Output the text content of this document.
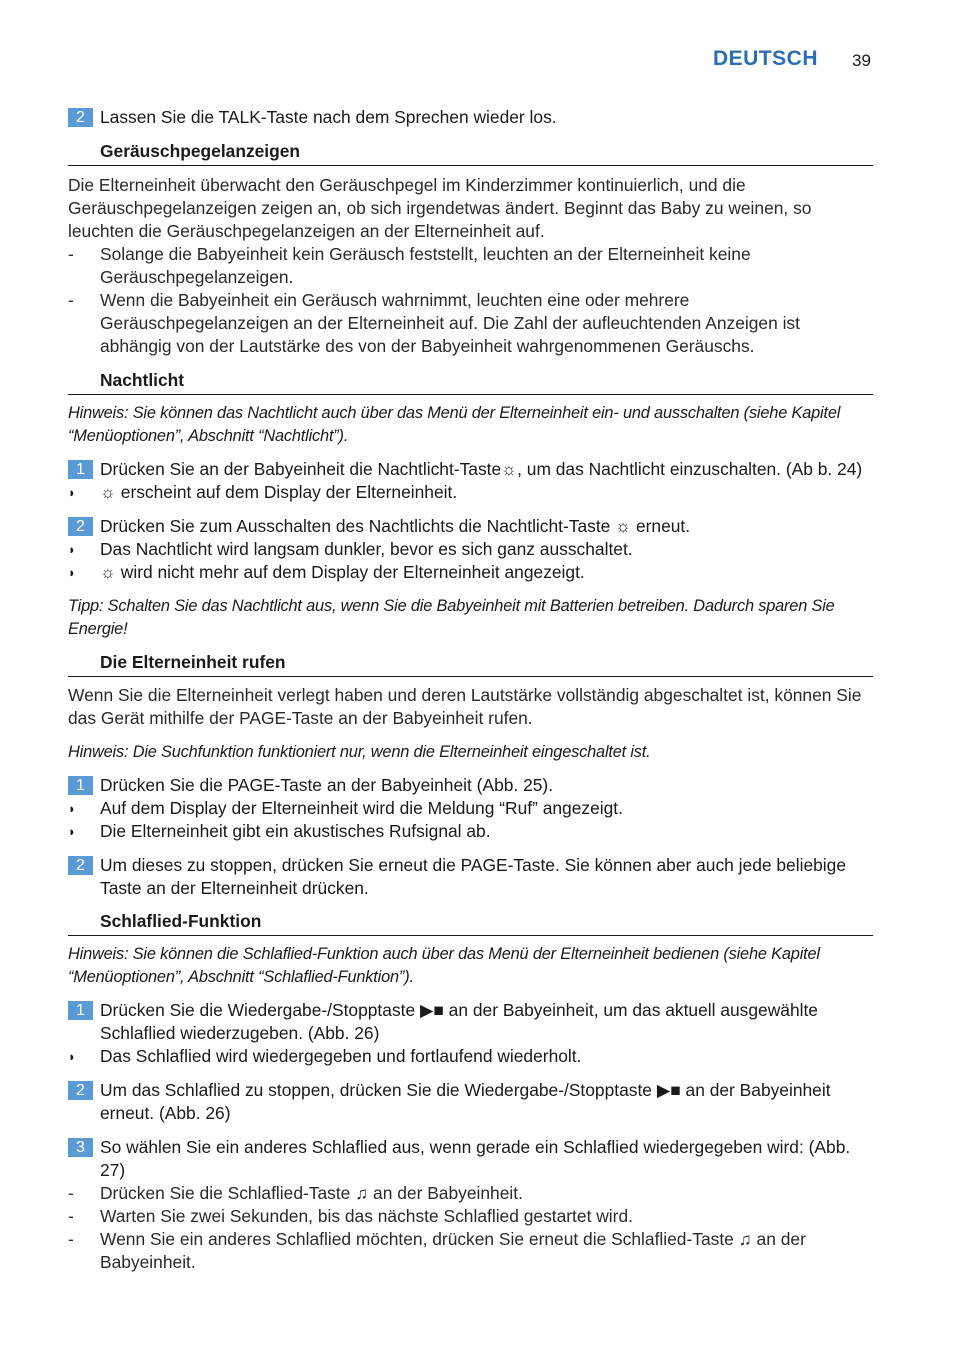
DEUTSCH 39
2 Lassen Sie die TALK-Taste nach dem Sprechen wieder los.
Geräuschpegelanzeigen
Die Elterneinheit überwacht den Geräuschpegel im Kinderzimmer kontinuierlich, und die Geräuschpegelanzeigen zeigen an, ob sich irgendetwas ändert. Beginnt das Baby zu weinen, so leuchten die Geräuschpegelanzeigen an der Elterneinheit auf.
- Solange die Babyeinheit kein Geräusch feststellt, leuchten an der Elterneinheit keine Geräuschpegelanzeigen.
- Wenn die Babyeinheit ein Geräusch wahrnimmt, leuchten eine oder mehrere Geräuschpegelanzeigen an der Elterneinheit auf. Die Zahl der aufleuchtenden Anzeigen ist abhängig von der Lautstärke des von der Babyeinheit wahrgenommenen Geräuschs.
Nachtlicht
Hinweis: Sie können das Nachtlicht auch über das Menü der Elterneinheit ein- und ausschalten (siehe Kapitel “Menüoptionen”, Abschnitt “Nachtlicht”).
1 Drücken Sie an der Babyeinheit die Nachtlicht-Taste☼, um das Nachtlicht einzuschalten. (Ab b. 24)
◗ ☼ erscheint auf dem Display der Elterneinheit.
2 Drücken Sie zum Ausschalten des Nachtlichts die Nachtlicht-Taste ☼ erneut.
◗ Das Nachtlicht wird langsam dunkler, bevor es sich ganz ausschaltet.
◗ ☼ wird nicht mehr auf dem Display der Elterneinheit angezeigt.
Tipp: Schalten Sie das Nachtlicht aus, wenn Sie die Babyeinheit mit Batterien betreiben. Dadurch sparen Sie Energie!
Die Elterneinheit rufen
Wenn Sie die Elterneinheit verlegt haben und deren Lautstärke vollständig abgeschaltet ist, können Sie das Gerät mithilfe der PAGE-Taste an der Babyeinheit rufen.
Hinweis: Die Suchfunktion funktioniert nur, wenn die Elterneinheit eingeschaltet ist.
1 Drücken Sie die PAGE-Taste an der Babyeinheit (Abb. 25).
◗ Auf dem Display der Elterneinheit wird die Meldung “Ruf” angezeigt.
◗ Die Elterneinheit gibt ein akustisches Rufsignal ab.
2 Um dieses zu stoppen, drücken Sie erneut die PAGE-Taste. Sie können aber auch jede beliebige Taste an der Elterneinheit drücken.
Schlaflied-Funktion
Hinweis: Sie können die Schlaflied-Funktion auch über das Menü der Elterneinheit bedienen (siehe Kapitel “Menüoptionen”, Abschnitt “Schlaflied-Funktion”).
1 Drücken Sie die Wiedergabe-/Stopptaste ▶■ an der Babyeinheit, um das aktuell ausgewählte Schlaflied wiederzugeben. (Abb. 26)
◗ Das Schlaflied wird wiedergegeben und fortlaufend wiederholt.
2 Um das Schlaflied zu stoppen, drücken Sie die Wiedergabe-/Stopptaste ▶■ an der Babyeinheit erneut. (Abb. 26)
3 So wählen Sie ein anderes Schlaflied aus, wenn gerade ein Schlaflied wiedergegeben wird: (Abb. 27)
- Drücken Sie die Schlaflied-Taste ♫ an der Babyeinheit.
- Warten Sie zwei Sekunden, bis das nächste Schlaflied gestartet wird.
- Wenn Sie ein anderes Schlaflied möchten, drücken Sie erneut die Schlaflied-Taste ♫ an der Babyeinheit.
